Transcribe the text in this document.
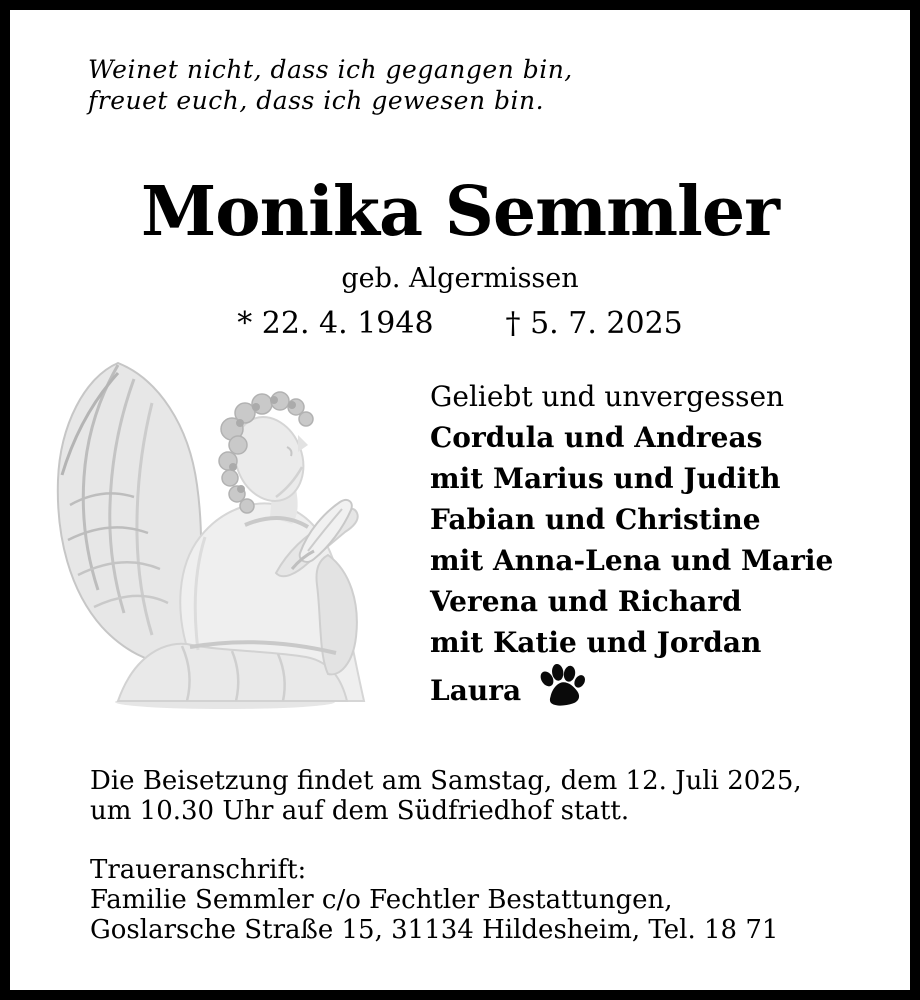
Weinet nicht, dass ich gegangen bin,
freuet euch, dass ich gewesen bin.
Monika Semmler
geb. Algermissen
* 22. 4. 1948 † 5. 7. 2025
Geliebt und unvergessen
Cordula und Andreas
mit Marius und Judith
Fabian und Christine
mit Anna-Lena und Marie
Verena und Richard
mit Katie und Jordan
Laura
Die Beisetzung findet am Samstag, dem 12. Juli 2025,
um 10.30 Uhr auf dem Südfriedhof statt.
Traueranschrift:
Familie Semmler c/o Fechtler Bestattungen,
Goslarsche Straße 15, 31134 Hildesheim, Tel. 18 71
